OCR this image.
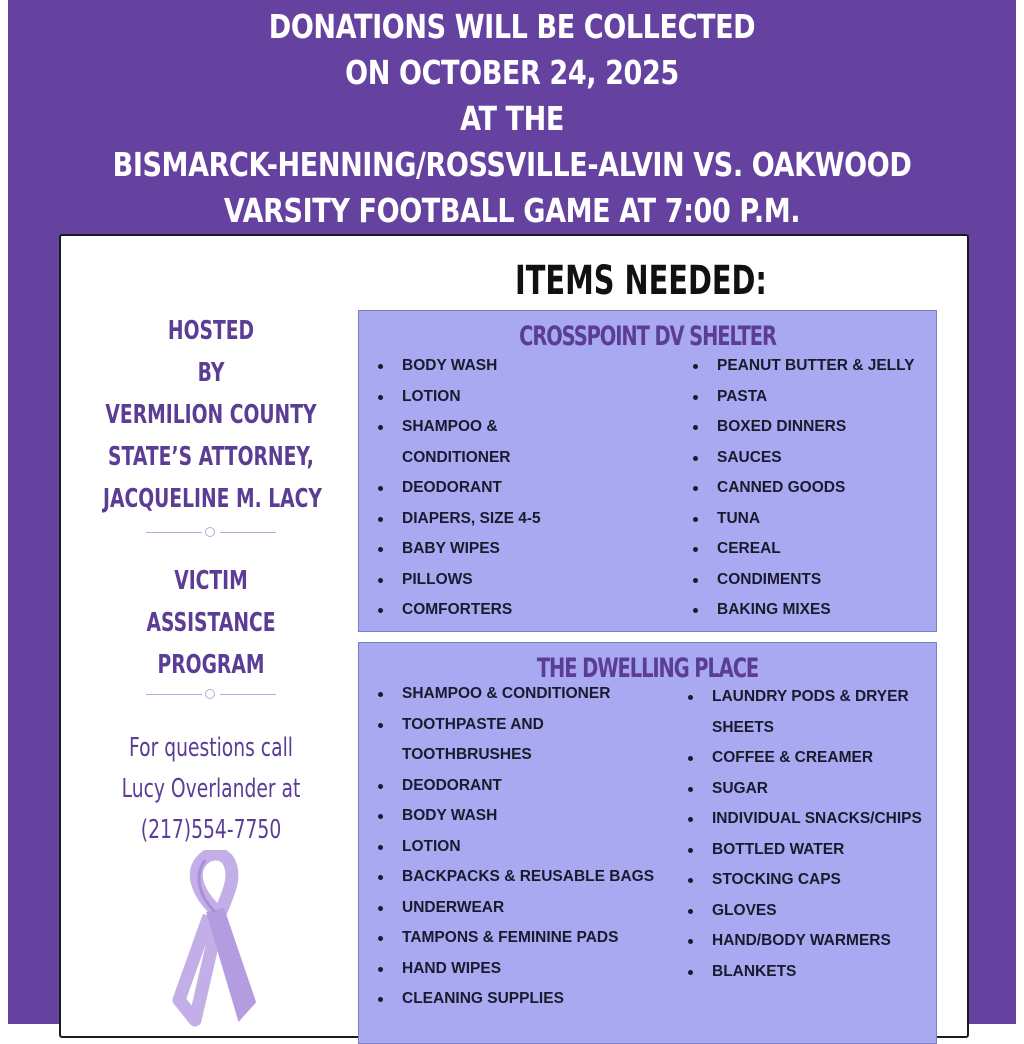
DONATIONS WILL BE COLLECTED
ON OCTOBER 24, 2025
AT THE
BISMARCK-HENNING/ROSSVILLE-ALVIN VS. OAKWOOD
VARSITY FOOTBALL GAME AT 7:00 P.M.
HOSTED
BY
VERMILION COUNTY
STATE’S ATTORNEY,
JACQUELINE M. LACY
VICTIM
ASSISTANCE
PROGRAM
For questions call
Lucy Overlander at
(217)554-7750
ITEMS NEEDED:
CROSSPOINT DV SHELTER
BODY WASH
LOTION
SHAMPOO &
CONDITIONER
DEODORANT
DIAPERS, SIZE 4-5
BABY WIPES
PILLOWS
COMFORTERS
PEANUT BUTTER & JELLY
PASTA
BOXED DINNERS
SAUCES
CANNED GOODS
TUNA
CEREAL
CONDIMENTS
BAKING MIXES
THE DWELLING PLACE
SHAMPOO & CONDITIONER
TOOTHPASTE AND
TOOTHBRUSHES
DEODORANT
BODY WASH
LOTION
BACKPACKS & REUSABLE BAGS
UNDERWEAR
TAMPONS & FEMININE PADS
HAND WIPES
CLEANING SUPPLIES
LAUNDRY PODS & DRYER
SHEETS
COFFEE & CREAMER
SUGAR
INDIVIDUAL SNACKS/CHIPS
BOTTLED WATER
STOCKING CAPS
GLOVES
HAND/BODY WARMERS
BLANKETS
